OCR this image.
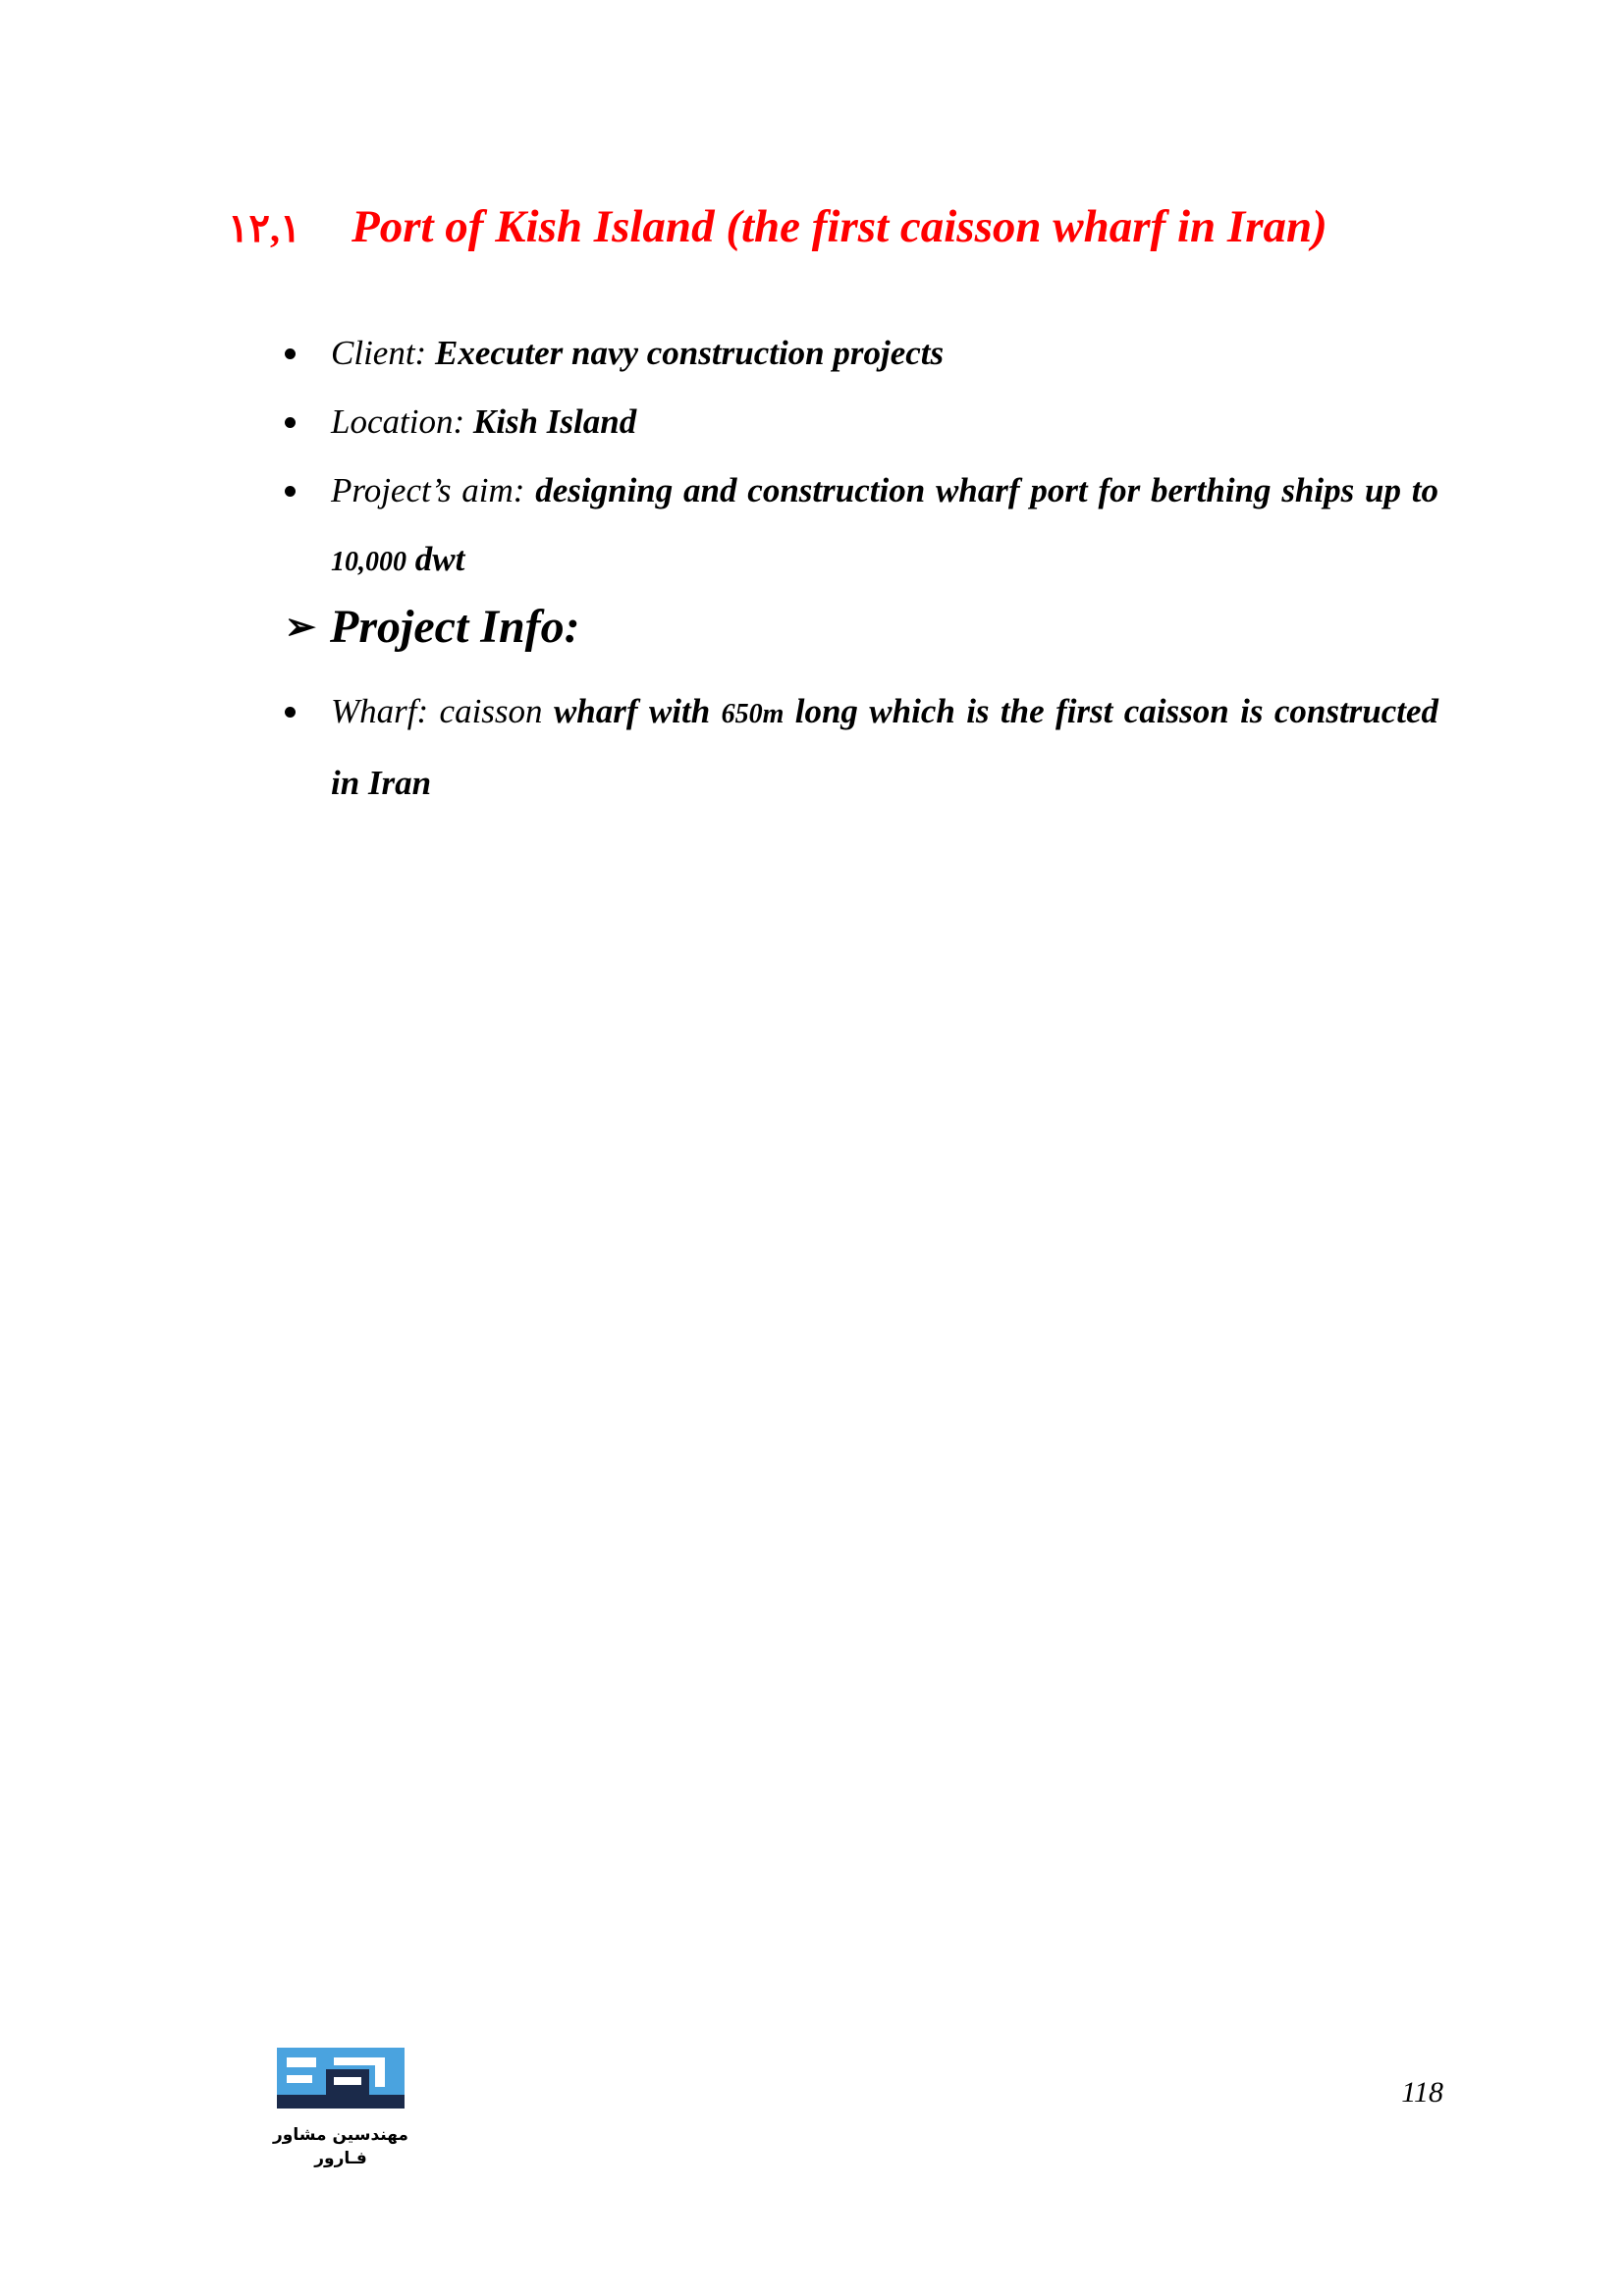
١٢,١ Port of Kish Island (the first caisson wharf in Iran)
Client: Executer navy construction projects
Location: Kish Island
Project’s aim: designing and construction wharf port for berthing ships up to 10,000 dwt
➢ Project Info:
Wharf: caisson wharf with 650m long which is the first caisson is constructed in Iran
مهندسین مشاور
فـارور
118
